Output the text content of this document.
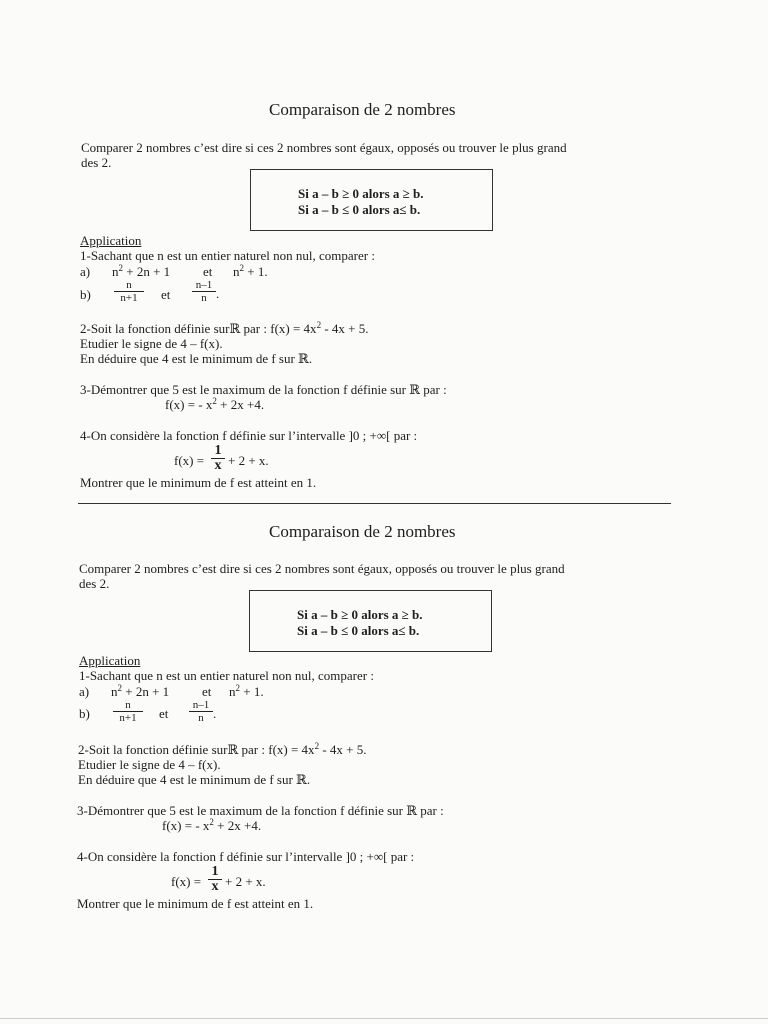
Comparaison de 2 nombres
Comparer 2 nombres c’est dire si ces 2 nombres sont égaux, opposés ou trouver le plus grand
des 2.
Si a – b ≥ 0 alors a ≥ b.
Si a – b ≤ 0 alors a≤ b.
Application
1-Sachant que n est un entier naturel non nul, comparer :
a) $n^2 + 2n + 1$	et $n^2 + 1$.
b)
n
n+1 et
n–1
n .
2-Soit la fonction définie surℝ par : $f(x) = 4x^2 - 4x + 5$.
Etudier le signe de 4 – f(x).
En déduire que 4 est le minimum de f sur ℝ.
3-Démontrer que 5 est le maximum de la fonction f définie sur ℝ par :
f(x) = - $x^2 + 2x +4$.
4-On considère la fonction f définie sur l’intervalle ]0 ; +∞[ par :
f(x) =
1
x + 2 + x.
Montrer que le minimum de f est atteint en 1.
Comparaison de 2 nombres
Comparer 2 nombres c’est dire si ces 2 nombres sont égaux, opposés ou trouver le plus grand
des 2.
Si a – b ≥ 0 alors a ≥ b.
Si a – b ≤ 0 alors a≤ b.
Application
1-Sachant que n est un entier naturel non nul, comparer :
a) $n^2 + 2n + 1$	et $n^2 + 1$.
b)
n
n+1 et
n–1
n .
2-Soit la fonction définie surℝ par : $f(x) = 4x^2 - 4x + 5$.
Etudier le signe de 4 – f(x).
En déduire que 4 est le minimum de f sur ℝ.
3-Démontrer que 5 est le maximum de la fonction f définie sur ℝ par :
f(x) = - $x^2 + 2x +4$.
4-On considère la fonction f définie sur l’intervalle ]0 ; +∞[ par :
f(x) =
1
x + 2 + x.
Montrer que le minimum de f est atteint en 1.
